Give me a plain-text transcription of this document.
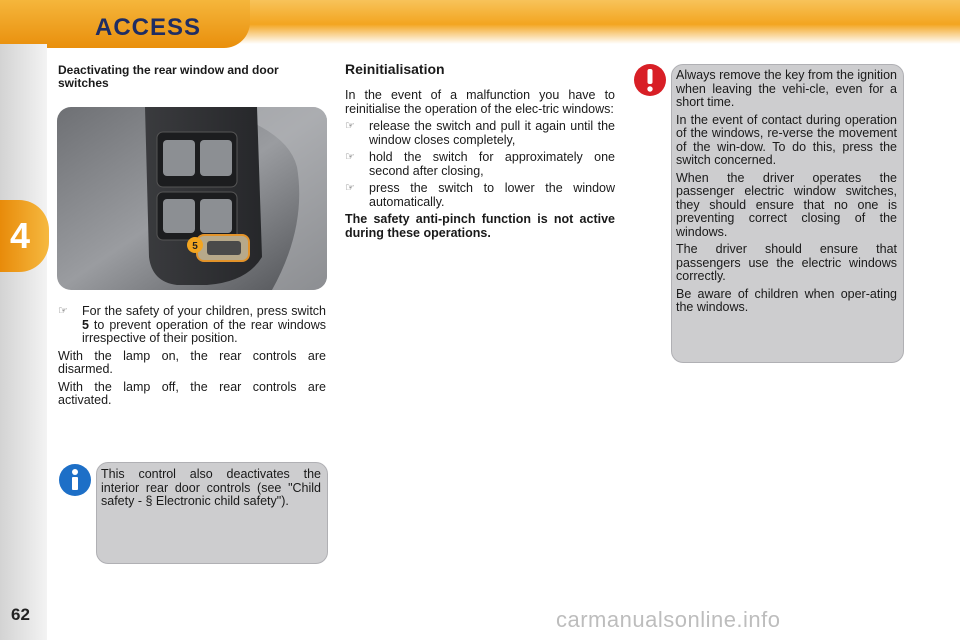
ACCESS
4
62
Deactivating the rear window and door switches
5
☞	For the safety of your children, press switch 5 to prevent operation of the rear windows irrespective of their position.

With the lamp on, the rear controls are disarmed.

With the lamp off, the rear controls are activated.

This control also deactivates the interior rear door controls (see "Child safety - § Electronic child safety").
Reinitialisation

In the event of a malfunction you have to reinitialise the operation of the elec-tric windows:

☞	release the switch and pull it again until the window closes completely,
☞	hold the switch for approximately one second after closing,
☞	press the switch to lower the window automatically.

The safety anti-pinch function is not active during these operations.

Always remove the key from the ignition when leaving the vehi-cle, even for a short time.

In the event of contact during operation of the windows, re-verse the movement of the win-dow. To do this, press the switch concerned.

When the driver operates the passenger electric window switches, they should ensure that no one is preventing correct closing of the windows.

The driver should ensure that passengers use the electric windows correctly.

Be aware of children when oper-ating the windows.

carmanualsonline.info
